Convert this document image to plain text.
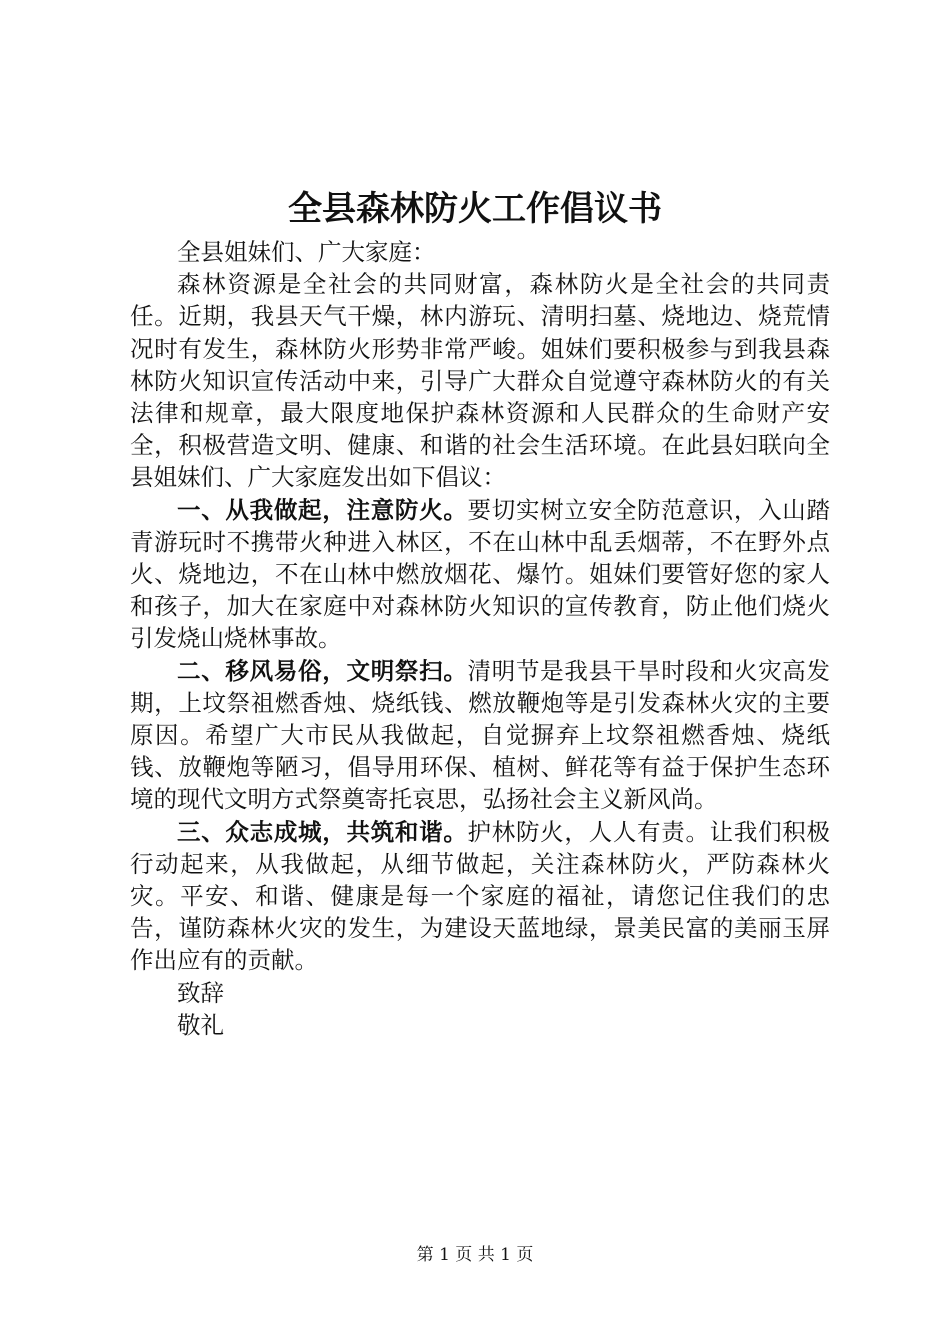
全县森林防火工作倡议书

全县姐妹们、广大家庭：

森林资源是全社会的共同财富，森林防火是全社会的共同责任。近期，我县天气干燥，林内游玩、清明扫墓、烧地边、烧荒情况时有发生，森林防火形势非常严峻。姐妹们要积极参与到我县森林防火知识宣传活动中来，引导广大群众自觉遵守森林防火的有关法律和规章，最大限度地保护森林资源和人民群众的生命财产安全，积极营造文明、健康、和谐的社会生活环境。在此县妇联向全县姐妹们、广大家庭发出如下倡议：

一、从我做起，注意防火。要切实树立安全防范意识，入山踏青游玩时不携带火种进入林区，不在山林中乱丢烟蒂，不在野外点火、烧地边，不在山林中燃放烟花、爆竹。姐妹们要管好您的家人和孩子，加大在家庭中对森林防火知识的宣传教育，防止他们烧火引发烧山烧林事故。

二、移风易俗，文明祭扫。清明节是我县干旱时段和火灾高发期，上坟祭祖燃香烛、烧纸钱、燃放鞭炮等是引发森林火灾的主要原因。希望广大市民从我做起，自觉摒弃上坟祭祖燃香烛、烧纸钱、放鞭炮等陋习，倡导用环保、植树、鲜花等有益于保护生态环境的现代文明方式祭奠寄托哀思，弘扬社会主义新风尚。

三、众志成城，共筑和谐。护林防火，人人有责。让我们积极行动起来，从我做起，从细节做起，关注森林防火，严防森林火灾。平安、和谐、健康是每一个家庭的福祉，请您记住我们的忠告，谨防森林火灾的发生，为建设天蓝地绿，景美民富的美丽玉屏作出应有的贡献。

致辞

敬礼

第 1 页 共 1 页
